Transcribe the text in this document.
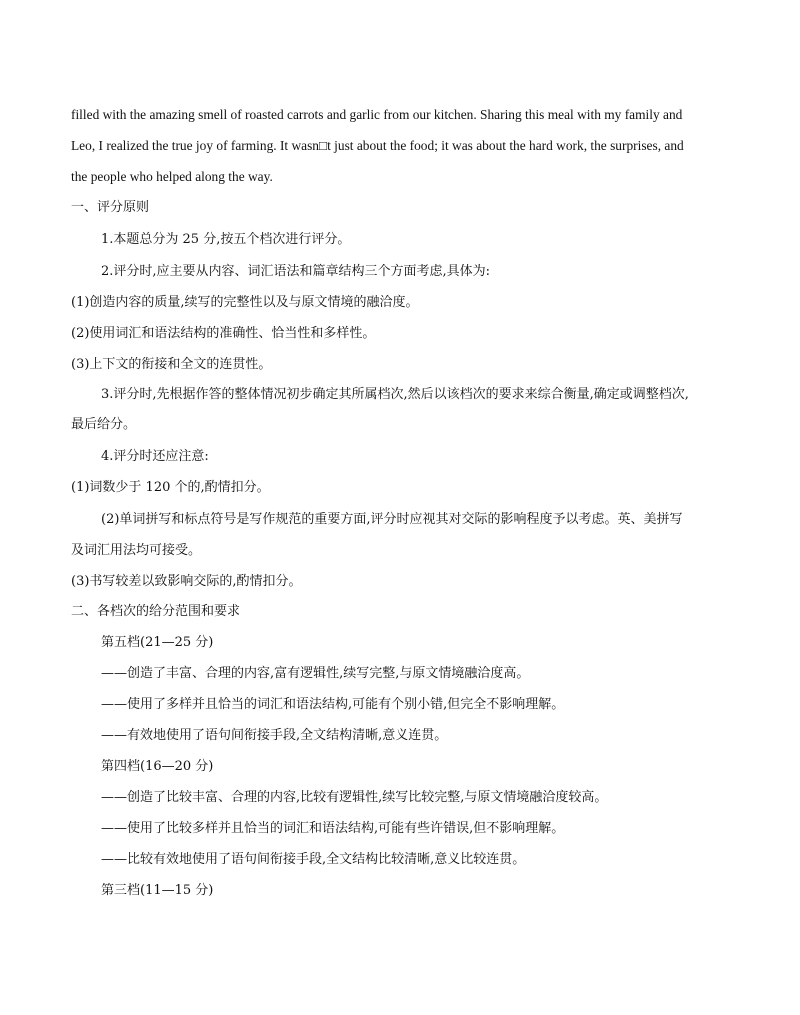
filled with the amazing smell of roasted carrots and garlic from our kitchen. Sharing this meal with my family and
Leo, I realized the true joy of farming. It wasn□t just about the food; it was about the hard work, the surprises, and
the people who helped along the way.
一、评分原则
1.本题总分为 25 分,按五个档次进行评分。
2.评分时,应主要从内容、词汇语法和篇章结构三个方面考虑,具体为:
(1)创造内容的质量,续写的完整性以及与原文情境的融洽度。
(2)使用词汇和语法结构的准确性、恰当性和多样性。
(3)上下文的衔接和全文的连贯性。
3.评分时,先根据作答的整体情况初步确定其所属档次,然后以该档次的要求来综合衡量,确定或调整档次,
最后给分。
4.评分时还应注意:
(1)词数少于 120 个的,酌情扣分。
(2)单词拼写和标点符号是写作规范的重要方面,评分时应视其对交际的影响程度予以考虑。英、美拼写
及词汇用法均可接受。
(3)书写较差以致影响交际的,酌情扣分。
二、各档次的给分范围和要求
第五档(21—25 分)
——创造了丰富、合理的内容,富有逻辑性,续写完整,与原文情境融洽度高。
——使用了多样并且恰当的词汇和语法结构,可能有个别小错,但完全不影响理解。
——有效地使用了语句间衔接手段,全文结构清晰,意义连贯。
第四档(16—20 分)
——创造了比较丰富、合理的内容,比较有逻辑性,续写比较完整,与原文情境融洽度较高。
——使用了比较多样并且恰当的词汇和语法结构,可能有些许错误,但不影响理解。
——比较有效地使用了语句间衔接手段,全文结构比较清晰,意义比较连贯。
第三档(11—15 分)
